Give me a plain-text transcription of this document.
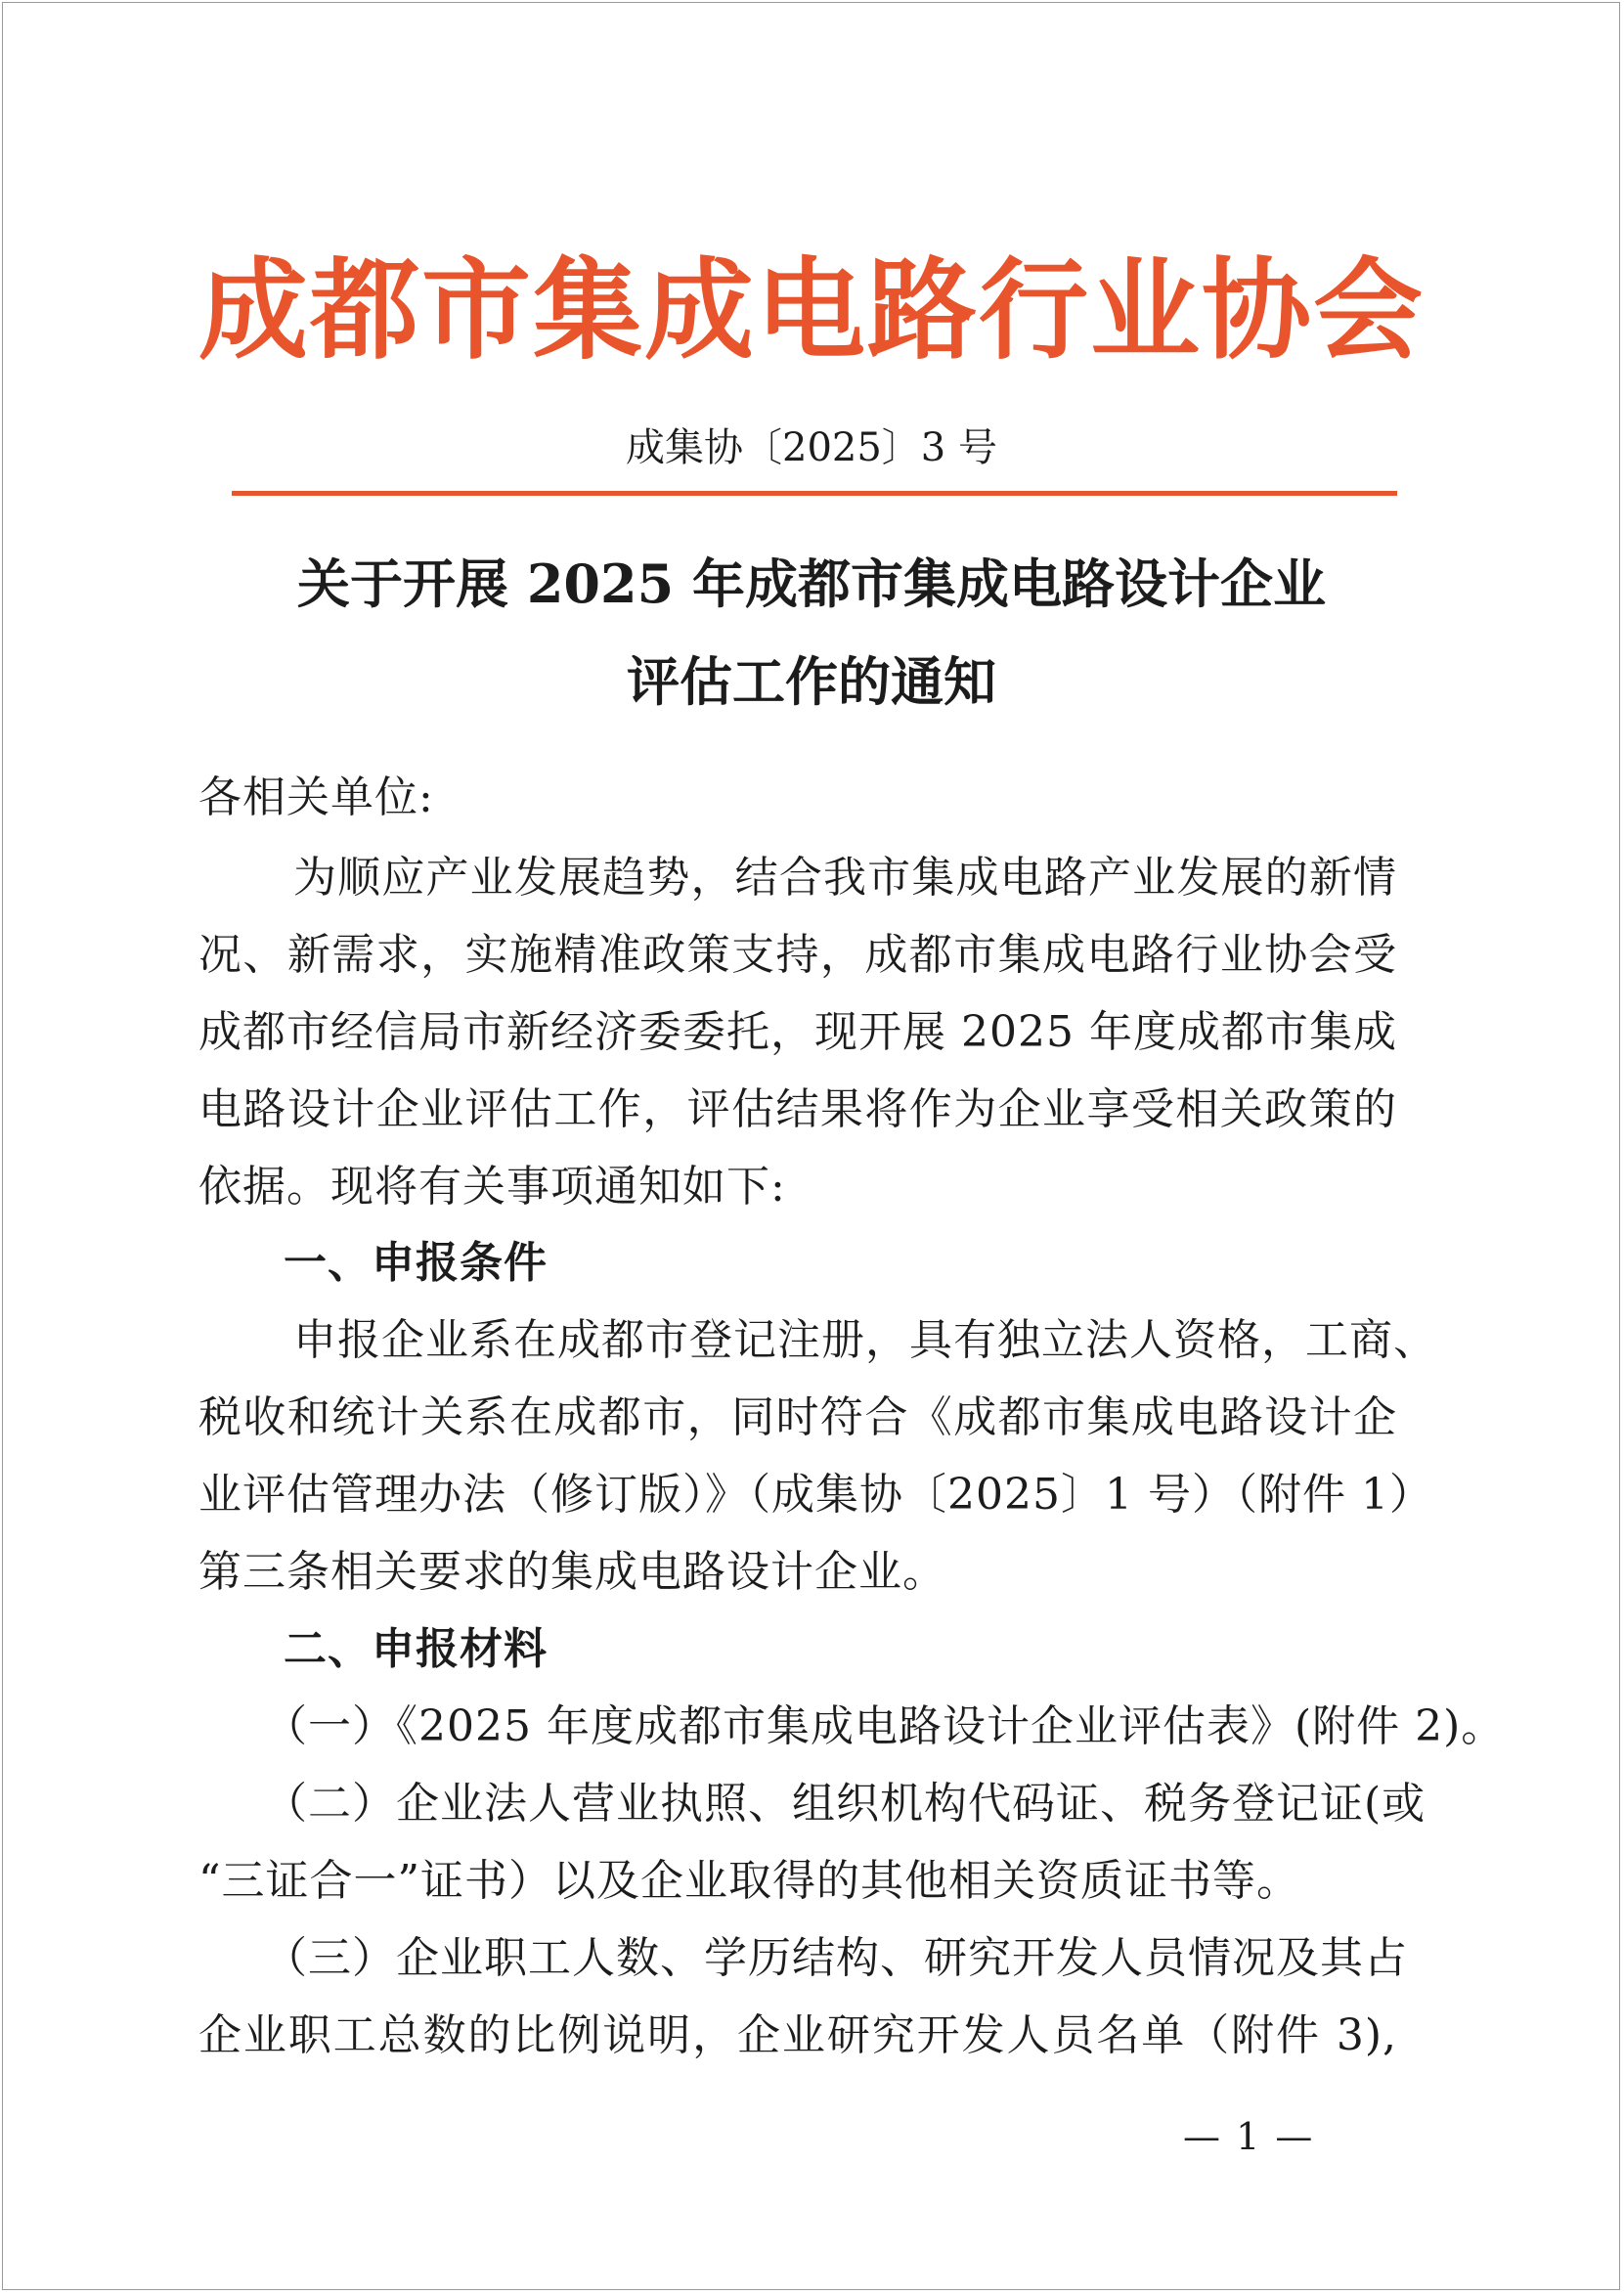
成都市集成电路行业协会
成集协〔2025〕3 号
关于开展 2025 年成都市集成电路设计企业
评估工作的通知
各相关单位:
为顺应产业发展趋势，结合我市集成电路产业发展的新情
况、新需求，实施精准政策支持，成都市集成电路行业协会受
成都市经信局市新经济委委托，现开展 2025 年度成都市集成
电路设计企业评估工作，评估结果将作为企业享受相关政策的
依据。现将有关事项通知如下:
一、申报条件
申报企业系在成都市登记注册，具有独立法人资格，工商、
税收和统计关系在成都市，同时符合《成都市集成电路设计企
业评估管理办法（修订版）》（成集协〔2025〕1 号）（附件 1）
第三条相关要求的集成电路设计企业。
二、申报材料
（一）《2025 年度成都市集成电路设计企业评估表》(附件 2)。
（二）企业法人营业执照、组织机构代码证、税务登记证(或
“三证合一”证书）以及企业取得的其他相关资质证书等。
（三）企业职工人数、学历结构、研究开发人员情况及其占
企业职工总数的比例说明，企业研究开发人员名单（附件 3),
— 1 —
